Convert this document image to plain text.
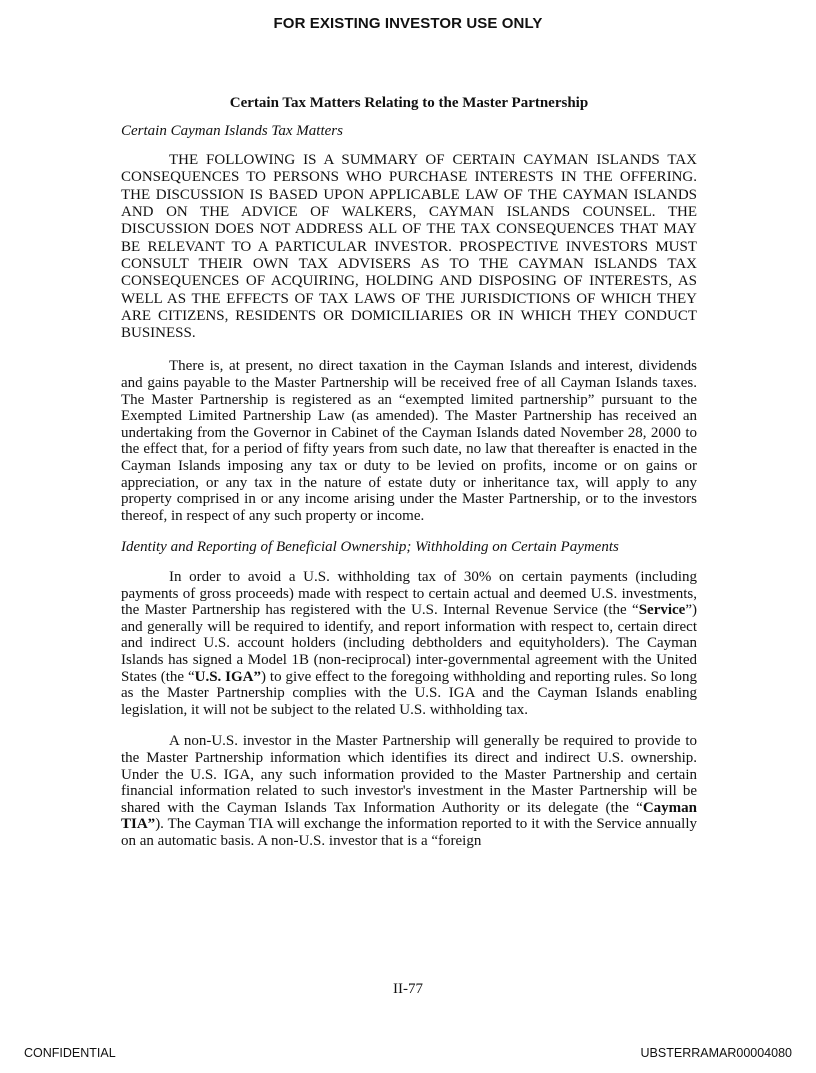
FOR EXISTING INVESTOR USE ONLY
Certain Tax Matters Relating to the Master Partnership
Certain Cayman Islands Tax Matters

THE FOLLOWING IS A SUMMARY OF CERTAIN CAYMAN ISLANDS TAX CONSEQUENCES TO PERSONS WHO PURCHASE INTERESTS IN THE OFFERING. THE DISCUSSION IS BASED UPON APPLICABLE LAW OF THE CAYMAN ISLANDS AND ON THE ADVICE OF WALKERS, CAYMAN ISLANDS COUNSEL. THE DISCUSSION DOES NOT ADDRESS ALL OF THE TAX CONSEQUENCES THAT MAY BE RELEVANT TO A PARTICULAR INVESTOR. PROSPECTIVE INVESTORS MUST CONSULT THEIR OWN TAX ADVISERS AS TO THE CAYMAN ISLANDS TAX CONSEQUENCES OF ACQUIRING, HOLDING AND DISPOSING OF INTERESTS, AS WELL AS THE EFFECTS OF TAX LAWS OF THE JURISDICTIONS OF WHICH THEY ARE CITIZENS, RESIDENTS OR DOMICILIARIES OR IN WHICH THEY CONDUCT BUSINESS.

There is, at present, no direct taxation in the Cayman Islands and interest, dividends and gains payable to the Master Partnership will be received free of all Cayman Islands taxes. The Master Partnership is registered as an “exempted limited partnership” pursuant to the Exempted Limited Partnership Law (as amended). The Master Partnership has received an undertaking from the Governor in Cabinet of the Cayman Islands dated November 28, 2000 to the effect that, for a period of fifty years from such date, no law that thereafter is enacted in the Cayman Islands imposing any tax or duty to be levied on profits, income or on gains or appreciation, or any tax in the nature of estate duty or inheritance tax, will apply to any property comprised in or any income arising under the Master Partnership, or to the investors thereof, in respect of any such property or income.

Identity and Reporting of Beneficial Ownership; Withholding on Certain Payments

In order to avoid a U.S. withholding tax of 30% on certain payments (including payments of gross proceeds) made with respect to certain actual and deemed U.S. investments, the Master Partnership has registered with the U.S. Internal Revenue Service (the “Service”) and generally will be required to identify, and report information with respect to, certain direct and indirect U.S. account holders (including debtholders and equityholders). The Cayman Islands has signed a Model 1B (non-reciprocal) inter-governmental agreement with the United States (the “U.S. IGA”) to give effect to the foregoing withholding and reporting rules. So long as the Master Partnership complies with the U.S. IGA and the Cayman Islands enabling legislation, it will not be subject to the related U.S. withholding tax.

A non-U.S. investor in the Master Partnership will generally be required to provide to the Master Partnership information which identifies its direct and indirect U.S. ownership. Under the U.S. IGA, any such information provided to the Master Partnership and certain financial information related to such investor's investment in the Master Partnership will be shared with the Cayman Islands Tax Information Authority or its delegate (the “Cayman TIA”). The Cayman TIA will exchange the information reported to it with the Service annually on an automatic basis. A non-U.S. investor that is a “foreign

II-77
CONFIDENTIAL	UBSTERRAMAR00004080
